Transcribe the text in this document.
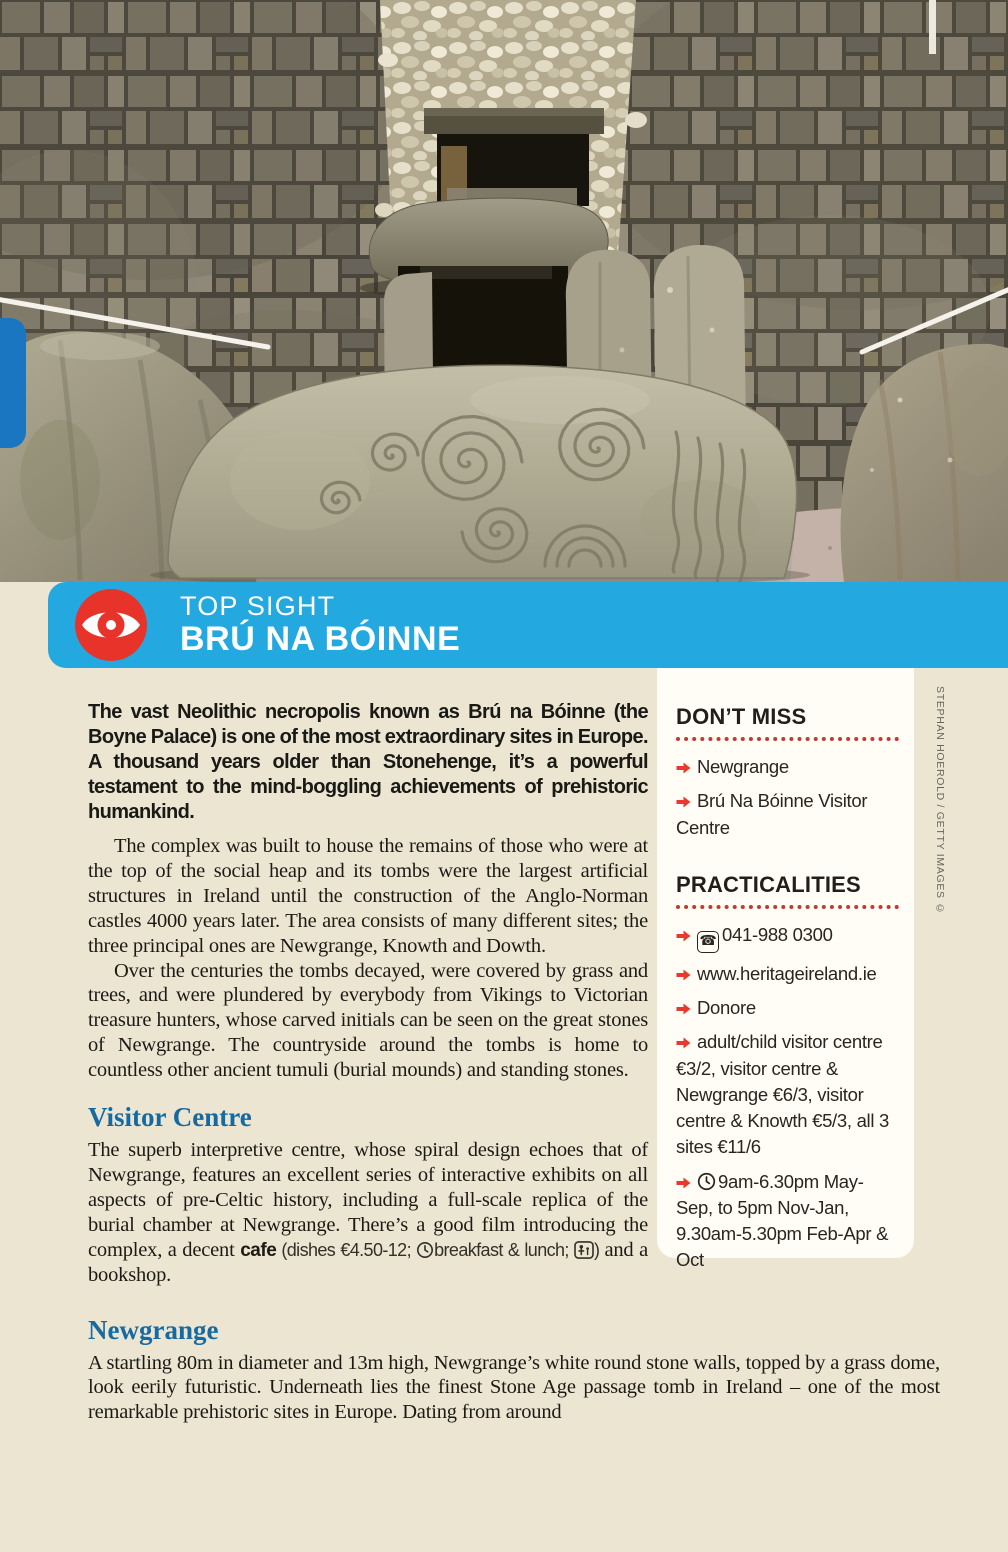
TOP SIGHT
BRÚ NA BÓINNE
DON’T MISS

Newgrange

Brú Na Bóinne Visitor Centre

PRACTICALITIES

☎ 041-988 0300

www.heritageireland.ie

Donore

adult/child visitor centre €3/2, visitor centre & Newgrange €6/3, visitor centre & Knowth €5/3, all 3 sites €11/6

9am-6.30pm May-Sep, to 5pm Nov-Jan, 9.30am-5.30pm Feb-Apr & Oct

STEPHAN HOEROLD / GETTY IMAGES ©

The vast Neolithic necropolis known as Brú na Bóinne (the Boyne Palace) is one of the most extraordinary sites in Europe. A thousand years older than Stonehenge, it’s a powerful testament to the mind-boggling achievements of prehistoric humankind.

The complex was built to house the remains of those who were at the top of the social heap and its tombs were the largest artificial structures in Ireland until the construction of the Anglo-Norman castles 4000 years later. The area consists of many different sites; the three principal ones are Newgrange, Knowth and Dowth.

Over the centuries the tombs decayed, were covered by grass and trees, and were plundered by everybody from Vikings to Victorian treasure hunters, whose carved initials can be seen on the great stones of Newgrange. The countryside around the tombs is home to countless other ancient tumuli (burial mounds) and standing stones.

Visitor Centre

The superb interpretive centre, whose spiral design echoes that of Newgrange, features an excellent series of interactive exhibits on all aspects of pre-Celtic history, including a full-scale replica of the burial chamber at Newgrange. There’s a good film introducing the complex, a decent cafe (dishes €4.50-12; breakfast & lunch; ) and a bookshop.

Newgrange

A startling 80m in diameter and 13m high, Newgrange’s white round stone walls, topped by a grass dome, look eerily futuristic. Underneath lies the finest Stone Age passage tomb in Ireland – one of the most remarkable prehistoric sites in Europe. Dating from around
